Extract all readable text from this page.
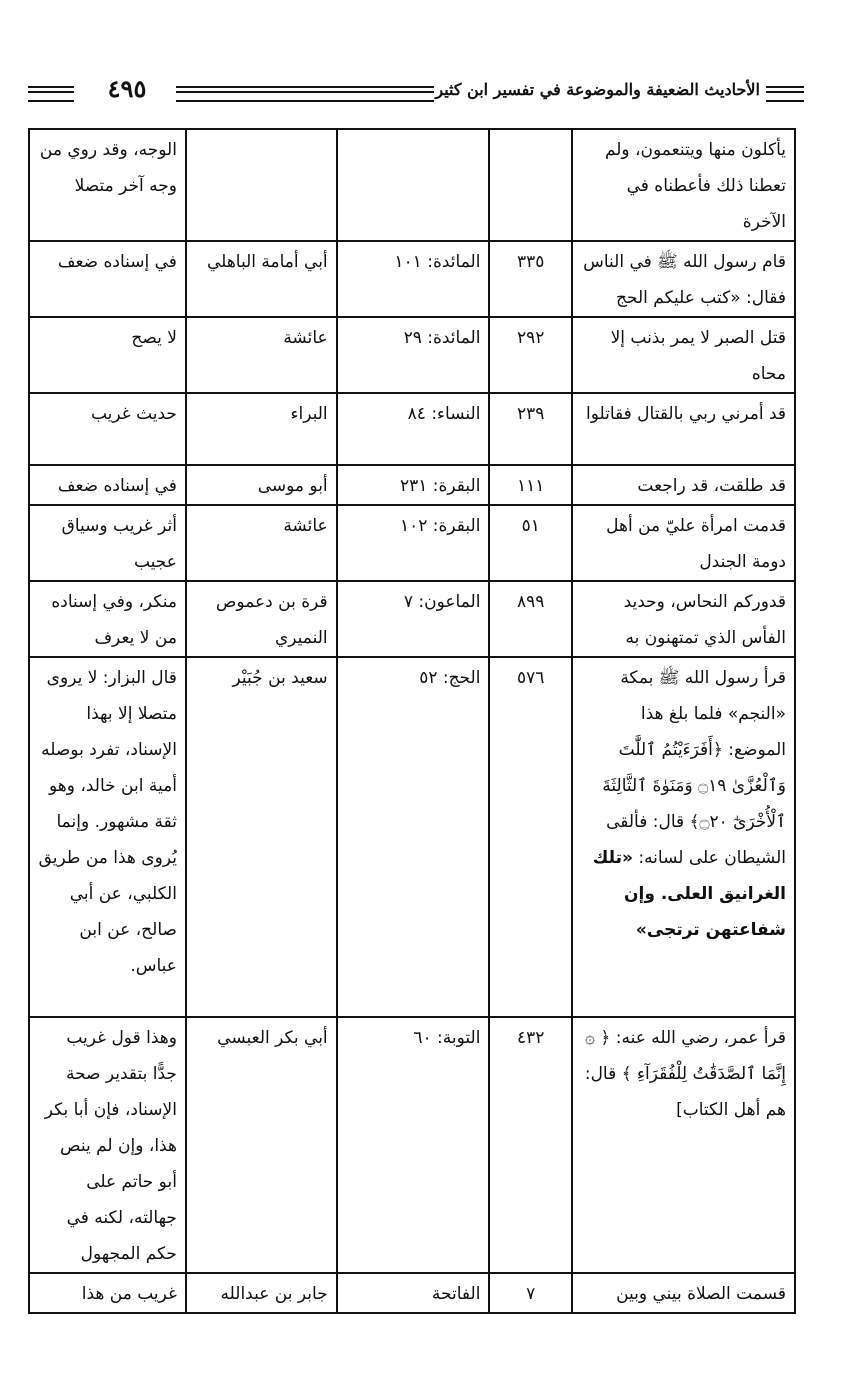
٤٩٥	الأحاديث الضعيفة والموضوعة في تفسير ابن كثير
يأكلون منها ويتنعمون، ولم تعطنا ذلك فأعطناه في الآخرة				الوجه، وقد روي من وجه آخر متصلا
قام رسول الله ﷺ في الناس فقال: «كتب عليكم الحج	٣٣٥	المائدة: ١٠١	أبي أمامة الباهلي	في إسناده ضعف
قتل الصبر لا يمر بذنب إلا محاه	٢٩٢	المائدة: ٢٩	عائشة	لا يصح
قد أمرني ربي بالقتال فقاتلوا	٢٣٩	النساء: ٨٤	البراء	حديث غريب
قد طلقت، قد راجعت	١١١	البقرة: ٢٣١	أبو موسى	في إسناده ضعف
قدمت امرأة عليّ من أهل دومة الجندل	٥١	البقرة: ١٠٢	عائشة	أثر غريب وسياق عجيب
قدوركم النحاس، وحديد الفأس الذي تمتهنون به	٨٩٩	الماعون: ٧	قرة بن دعموص النميري	منكر، وفي إسناده من لا يعرف
قرأ رسول الله ﷺ بمكة «النجم» فلما بلغ هذا الموضع: ﴿أَفَرَءَيْتُمُ ٱللَّٰتَ وَٱلْعُزَّىٰ ۝١٩ وَمَنَوٰةَ ٱلثَّالِثَةَ ٱلْأُخْرَىٰٓ ۝٢٠﴾ قال: فألقى الشيطان على لسانه: «تلك الغرانيق العلى. وإن شفاعتهن ترتجى»	٥٧٦	الحج: ٥٢	سعيد بن جُبَيْر	قال البزار: لا يروى متصلا إلا بهذا الإسناد، تفرد بوصله أمية ابن خالد، وهو ثقة مشهور. وإنما يُروى هذا من طريق الكلبي، عن أبي صالح، عن ابن عباس.
قرأ عمر، رضي الله عنه: ﴿ ۞ إِنَّمَا ٱلصَّدَقَٰتُ لِلْفُقَرَآءِ ﴾ قال: هم أهل الكتاب]	٤٣٢	التوبة: ٦٠	أبي بكر العبسي	وهذا قول غريب جدًّا بتقدير صحة الإسناد، فإن أبا بكر هذا، وإن لم ينص أبو حاتم على جهالته، لكنه في حكم المجهول
قسمت الصلاة بيني وبين	٧	الفاتحة	جابر بن عبدالله	غريب من هذا
